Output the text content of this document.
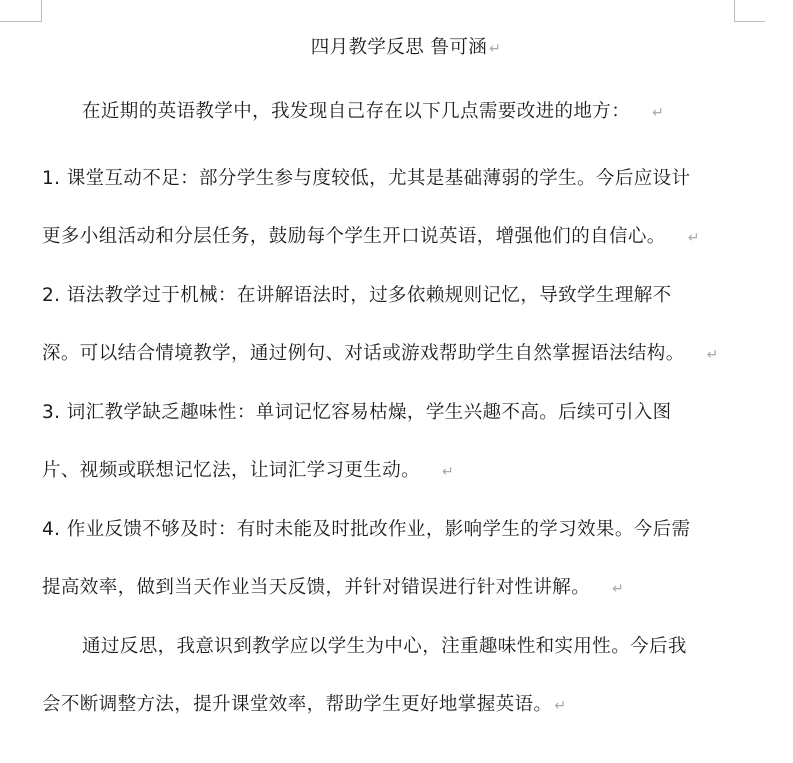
四月教学反思 鲁可涵 ↵
在近期的英语教学中，我发现自己存在以下几点需要改进的地方： ↵
1. 课堂互动不足：部分学生参与度较低，尤其是基础薄弱的学生。今后应设计
更多小组活动和分层任务，鼓励每个学生开口说英语，增强他们的自信心。 ↵
2. 语法教学过于机械：在讲解语法时，过多依赖规则记忆，导致学生理解不
深。可以结合情境教学，通过例句、对话或游戏帮助学生自然掌握语法结构。 ↵
3. 词汇教学缺乏趣味性：单词记忆容易枯燥，学生兴趣不高。后续可引入图
片、视频或联想记忆法，让词汇学习更生动。 ↵
4. 作业反馈不够及时：有时未能及时批改作业，影响学生的学习效果。今后需
提高效率，做到当天作业当天反馈，并针对错误进行针对性讲解。 ↵
通过反思，我意识到教学应以学生为中心，注重趣味性和实用性。今后我
会不断调整方法，提升课堂效率，帮助学生更好地掌握英语。 ↵
